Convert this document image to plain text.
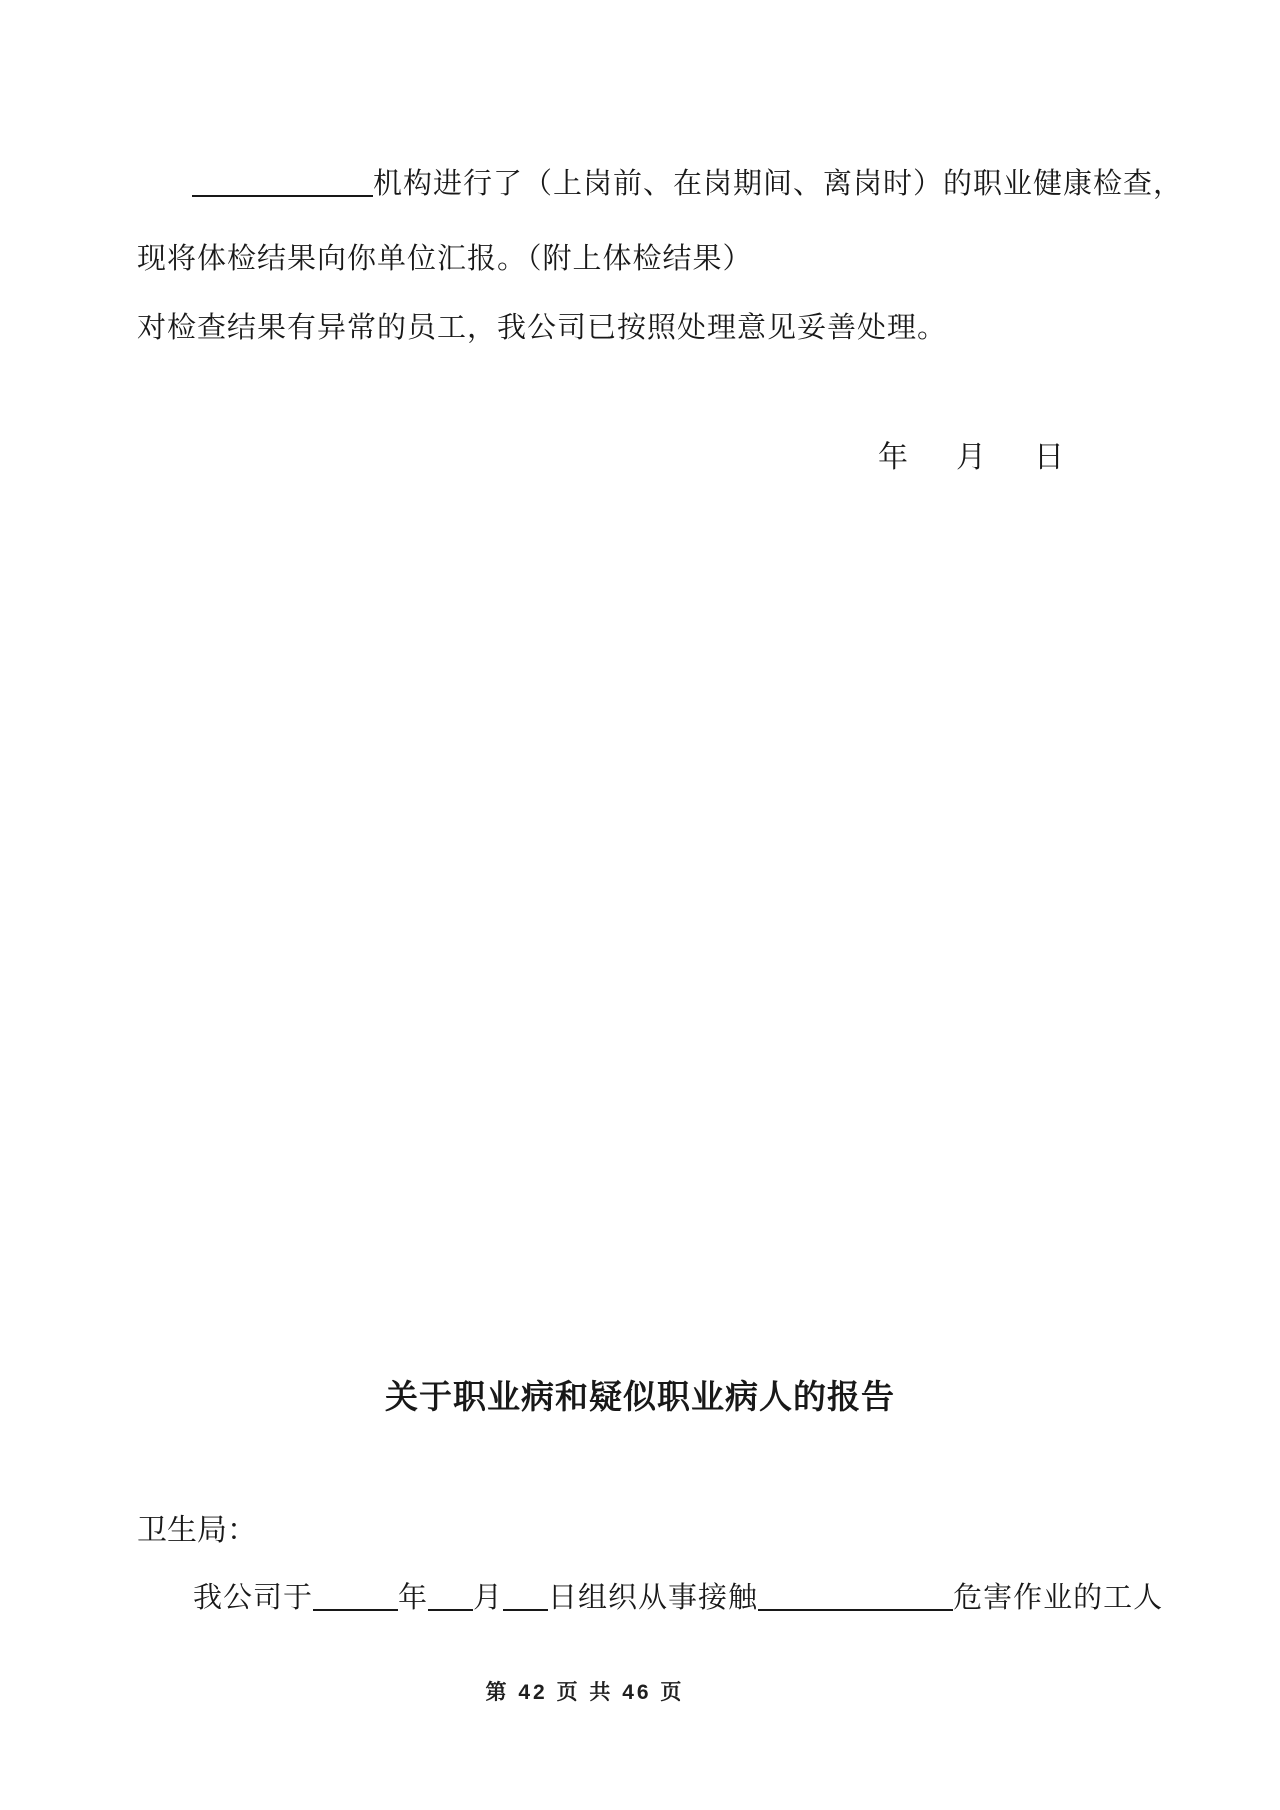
机构进行了（上岗前、在岗期间、离岗时）的职业健康检查，
现将体检结果向你单位汇报。（附上体检结果）
对检查结果有异常的员工，我公司已按照处理意见妥善处理。
年 月 日
关于职业病和疑似职业病人的报告
卫生局：
我公司于	年 月 日组织从事接触	危害作业的工人
第 42 页 共 46 页
